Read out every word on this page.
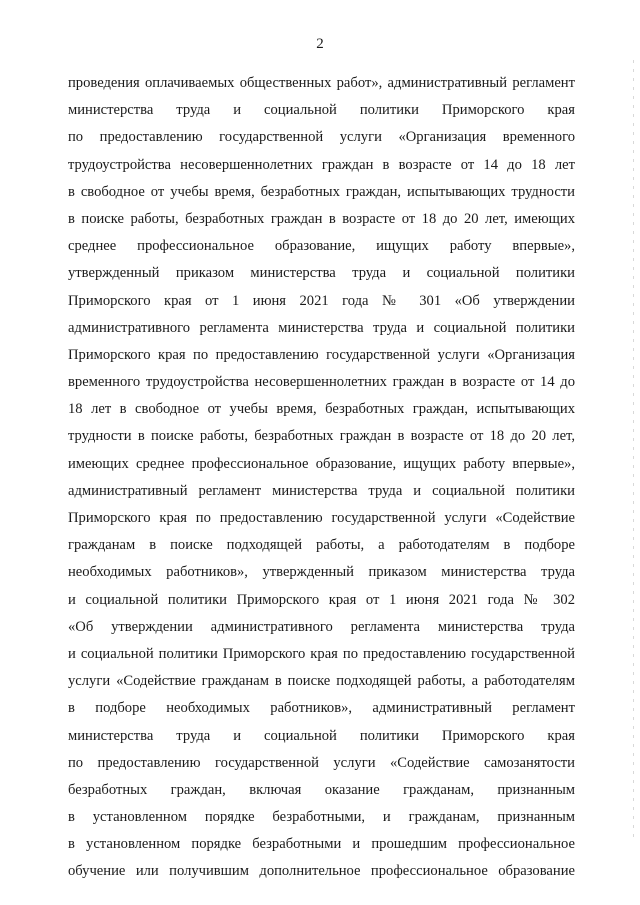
2
проведения оплачиваемых общественных работ», административный регламент
министерства труда и социальной политики Приморского края
по предоставлению государственной услуги «Организация временного
трудоустройства несовершеннолетних граждан в возрасте от 14 до 18 лет
в свободное от учебы время, безработных граждан, испытывающих трудности
в поиске работы, безработных граждан в возрасте от 18 до 20 лет, имеющих
среднее профессиональное образование, ищущих работу впервые»,
утвержденный приказом министерства труда и социальной политики
Приморского края от 1 июня 2021 года № 301 «Об утверждении
административного регламента министерства труда и социальной политики
Приморского края по предоставлению государственной услуги «Организация
временного трудоустройства несовершеннолетних граждан в возрасте от 14 до
18 лет в свободное от учебы время, безработных граждан, испытывающих
трудности в поиске работы, безработных граждан в возрасте от 18 до 20 лет,
имеющих среднее профессиональное образование, ищущих работу впервые»,
административный регламент министерства труда и социальной политики
Приморского края по предоставлению государственной услуги «Содействие
гражданам в поиске подходящей работы, а работодателям в подборе
необходимых работников», утвержденный приказом министерства труда
и социальной политики Приморского края от 1 июня 2021 года № 302
«Об утверждении административного регламента министерства труда
и социальной политики Приморского края по предоставлению государственной
услуги «Содействие гражданам в поиске подходящей работы, а работодателям
в подборе необходимых работников», административный регламент
министерства труда и социальной политики Приморского края
по предоставлению государственной услуги «Содействие самозанятости
безработных граждан, включая оказание гражданам, признанным
в установленном порядке безработными, и гражданам, признанным
в установленном порядке безработными и прошедшим профессиональное
обучение или получившим дополнительное профессиональное образование
